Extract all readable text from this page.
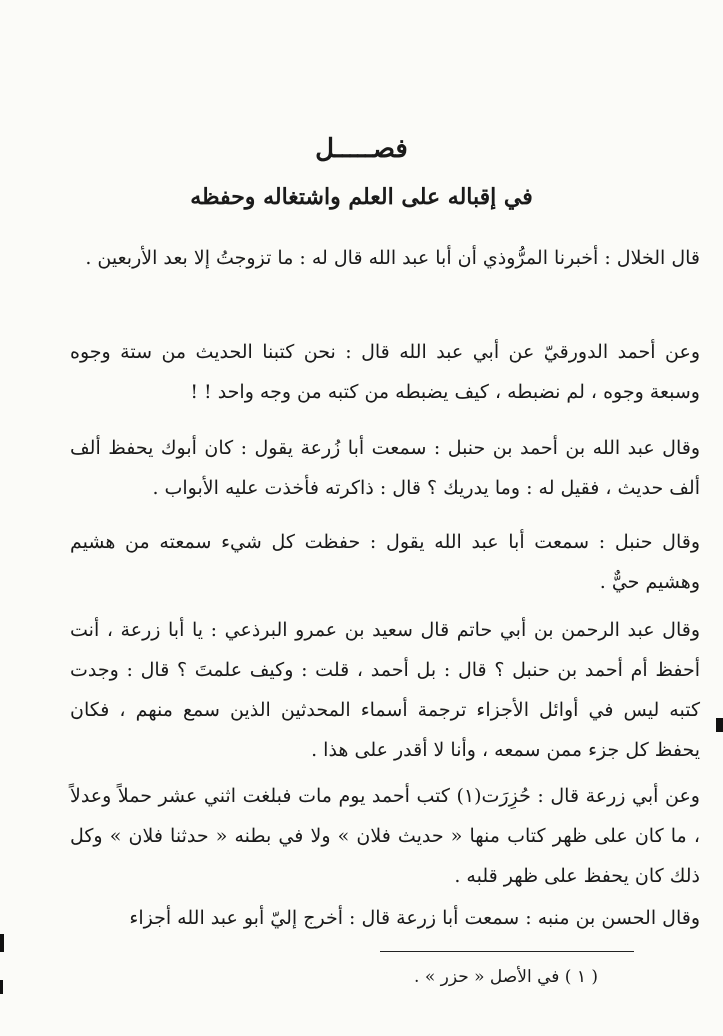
فصـــــل
في إقباله على العلم واشتغاله وحفظه
قال الخلال : أخبرنا المرُّوذي أن أبا عبد الله قال له : ما تزوجتُ إلا بعد الأربعين .
وعن أحمد الدورقيّ عن أبي عبد الله قال : نحن كتبنا الحديث من ستة وجوه وسبعة وجوه ، لم نضبطه ، كيف يضبطه من كتبه من وجه واحد ! !
وقال عبد الله بن أحمد بن حنبل : سمعت أبا زُرعة يقول : كان أبوك يحفظ ألف ألف حديث ، فقيل له : وما يدريك ؟ قال : ذاكرته فأخذت عليه الأبواب .
وقال حنبل : سمعت أبا عبد الله يقول : حفظت كل شيء سمعته من هشيم وهشيم حيٌّ .
وقال عبد الرحمن بن أبي حاتم قال سعيد بن عمرو البرذعي : يا أبا زرعة ، أنت أحفظ أم أحمد بن حنبل ؟ قال : بل أحمد ، قلت : وكيف علمتَ ؟ قال : وجدت كتبه ليس في أوائل الأجزاء ترجمة أسماء المحدثين الذين سمع منهم ، فكان يحفظ كل جزء ممن سمعه ، وأنا لا أقدر على هذا .
وعن أبي زرعة قال : حُزِرَت(١) كتب أحمد يوم مات فبلغت اثني عشر حملاً وعدلاً ، ما كان على ظهر كتاب منها « حديث فلان » ولا في بطنه « حدثنا فلان » وكل ذلك كان يحفظ على ظهر قلبه .
وقال الحسن بن منبه : سمعت أبا زرعة قال : أخرج إليّ أبو عبد الله أجزاء
( ١ ) في الأصل « حزر » .
